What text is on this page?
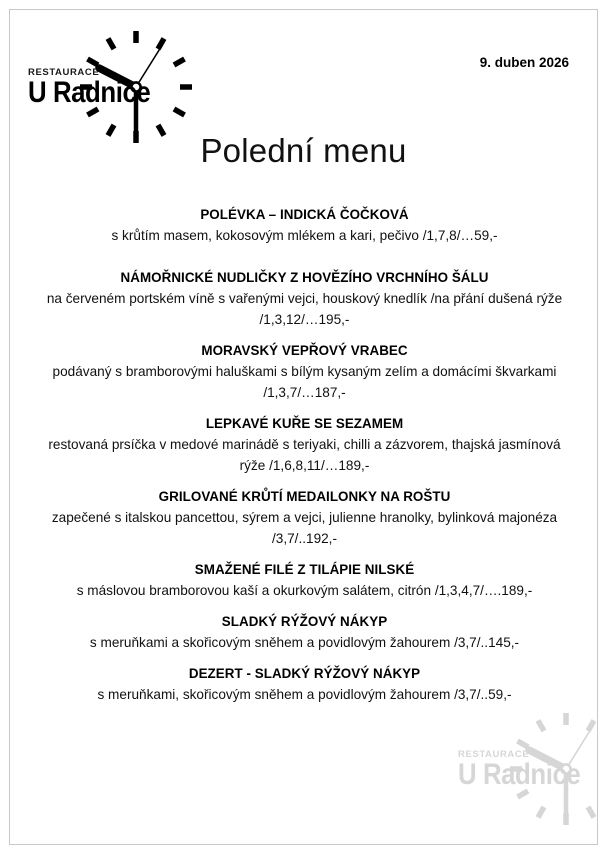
RESTAURACE
U Radnice
9. duben 2026
Polední menu
POLÉVKA – INDICKÁ ČOČKOVÁ
s krůtím masem, kokosovým mlékem a kari, pečivo /1,7,8/…59,-
NÁMOŘNICKÉ NUDLIČKY Z HOVĚZÍHO VRCHNÍHO ŠÁLU
na červeném portském víně s vařenými vejci, houskový knedlík /na přání dušená rýže /1,3,12/…195,-
MORAVSKÝ VEPŘOVÝ VRABEC
podávaný s bramborovými haluškami s bílým kysaným zelím a domácími škvarkami /1,3,7/…187,-
LEPKAVÉ KUŘE SE SEZAMEM
restovaná prsíčka v medové marinádě s teriyaki, chilli a zázvorem, thajská jasmínová rýže /1,6,8,11/…189,-
GRILOVANÉ KRŮTÍ MEDAILONKY NA ROŠTU
zapečené s italskou pancettou, sýrem a vejci, julienne hranolky, bylinková majonéza /3,7/..192,-
SMAŽENÉ FILÉ Z TILÁPIE NILSKÉ
s máslovou bramborovou kaší a okurkovým salátem, citrón /1,3,4,7/….189,-
SLADKÝ RÝŽOVÝ NÁKYP
s meruňkami a skořicovým sněhem a povidlovým žahourem /3,7/..145,-
DEZERT - SLADKÝ RÝŽOVÝ NÁKYP
s meruňkami, skořicovým sněhem a povidlovým žahourem /3,7/..59,-
RESTAURACE
U Radnice
